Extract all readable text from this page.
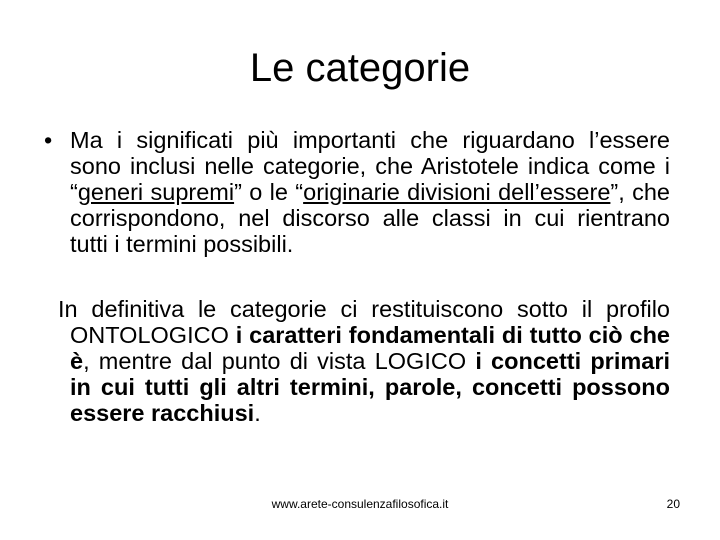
Le categorie
• Ma i significati più importanti che riguardano l’essere sono inclusi nelle categorie, che Aristotele indica come i “generi supremi” o le “originarie divisioni dell’essere”, che corrispondono, nel discorso alle classi in cui rientrano tutti i termini possibili.
In definitiva le categorie ci restituiscono sotto il profilo ONTOLOGICO i caratteri fondamentali di tutto ciò che è, mentre dal punto di vista LOGICO i concetti primari in cui tutti gli altri termini, parole, concetti possono essere racchiusi.
www.arete-consulenzafilosofica.it	20
